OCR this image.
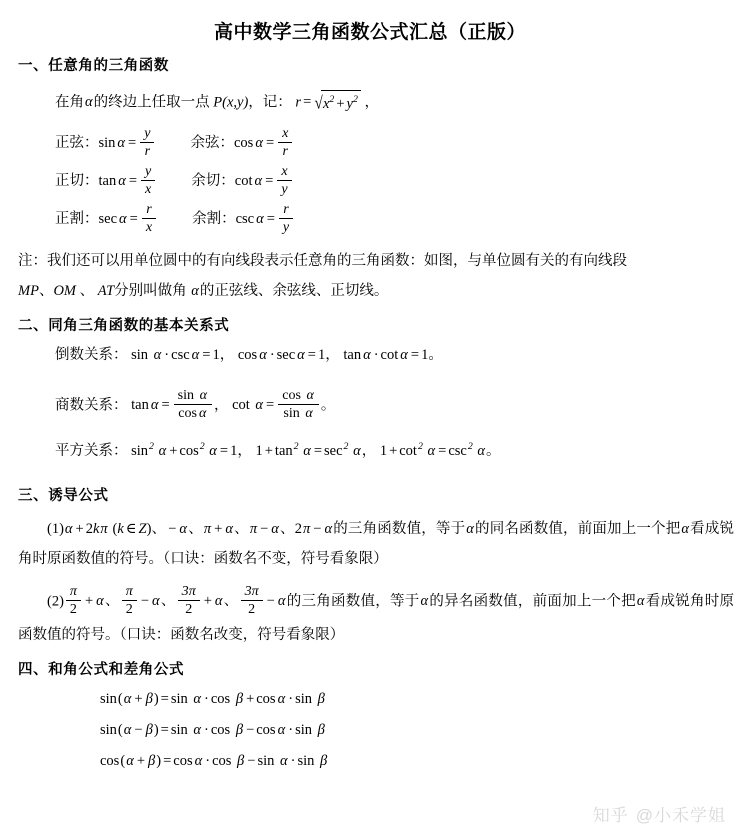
高中数学三角函数公式汇总（正版）
一、任意角的三角函数

在角α的终边上任取一点 P(x,y)，记： $r = √x^2 + y^2$ ，

正弦：$\sin \alpha = \frac{y}{r}$ 余弦：$\cos \alpha = \frac{x}{r}$
正切：$\tan \alpha = \frac{y}{x}$ 余切：$\cot \alpha = \frac{x}{y}$
正割：$\sec \alpha = \frac{r}{x}$ 余割：$\csc \alpha = \frac{r}{y}$

注：我们还可以用单位圆中的有向线段表示任意角的三角函数：如图，与单位圆有关的有向线段
MP、OM 、 AT分别叫做角 α的正弦线、余弦线、正切线。

二、同角三角函数的基本关系式
倒数关系： sin α · csc α = 1， cos α · sec α = 1， tan α · cot α = 1。
商数关系： $\tan \alpha = \frac{\text{sin α}}{\text{cos α}}$ ， $\cot \alpha = \frac{\text{cos α}}{\text{sin α}}$ 。
平方关系： $\sin^2 \alpha + \cos^2 \alpha = 1$， $1 + \tan^2 \alpha = \sec^2 \alpha$， $1 + \cot^2 \alpha = \csc^2 \alpha$。
三、诱导公式

(1)α + 2kπ (k ∈ Z)、 − α、π + α、π − α、2π − α的三角函数值，等于α的同名函数值，前面加上一个把α看成锐角时原函数值的符号。（口诀：函数名不变，符号看象限）

$(2) \frac{\pi}{2} + \alpha$、 $\frac{\pi}{2} - \alpha$、 $\frac{3\pi}{2} + \alpha$、 $\frac{3\pi}{2} - \alpha$的三角函数值，等于α的异名函数值，前面加上一个把α看成锐角时原函数值的符号。（口诀：函数名改变，符号看象限）

四、和角公式和差角公式
sin(α + β) = sin α · cos β + cos α · sin β
sin(α − β) = sin α · cos β − cos α · sin β
cos(α + β) = cos α · cos β − sin α · sin β
知乎 @小禾学姐
